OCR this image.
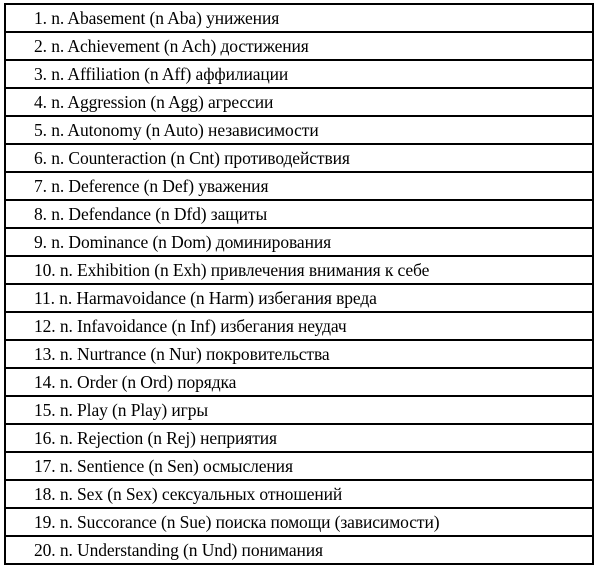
1. n. Abasement (n Aba) унижения
2. n. Achievement (n Ach) достижения
3. n. Affiliation (n Aff) аффилиации
4. n. Aggression (n Agg) агрессии
5. n. Autonomy (n Auto) независимости
6. n. Counteraction (n Cnt) противодействия
7. n. Deference (n Def) уважения
8. n. Defendance (n Dfd) защиты
9. n. Dominance (n Dom) доминирования
10. n. Exhibition (n Exh) привлечения внимания к себе
11. n. Harmavoidance (n Harm) избегания вреда
12. n. Infavoidance (n Inf) избегания неудач
13. n. Nurtrance (n Nur) покровительства
14. n. Order (n Ord) порядка
15. n. Play (n Play) игры
16. n. Rejection (n Rej) неприятия
17. n. Sentience (n Sen) осмысления
18. n. Sex (n Sex) сексуальных отношений
19. n. Succorance (n Sue) поиска помощи (зависимости)
20. n. Understanding (n Und) понимания
